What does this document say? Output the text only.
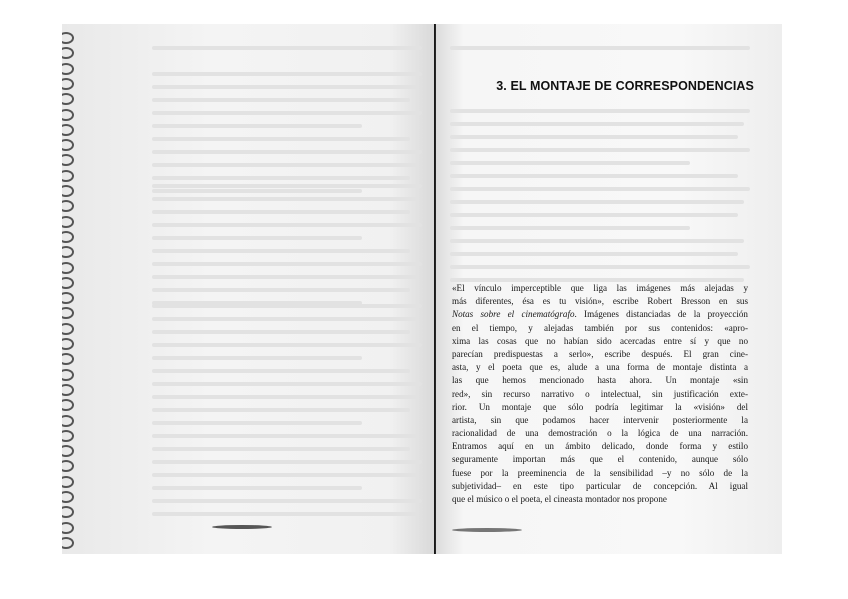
3. EL MONTAJE DE CORRESPONDENCIAS
«El vínculo imperceptible que liga las imágenes más alejadas y
más diferentes, ésa es tu visión», escribe Robert Bresson en sus
Notas sobre el cinematógrafo. Imágenes distanciadas de la proyección
en el tiempo, y alejadas también por sus contenidos: «apro-
xima las cosas que no habían sido acercadas entre sí y que no
parecían predispuestas a serlo», escribe después. El gran cine-
asta, y el poeta que es, alude a una forma de montaje distinta a
las que hemos mencionado hasta ahora. Un montaje «sin
red», sin recurso narrativo o intelectual, sin justificación exte-
rior. Un montaje que sólo podría legitimar la «visión» del
artista, sin que podamos hacer intervenir posteriormente la
racionalidad de una demostración o la lógica de una narración.
Entramos aquí en un ámbito delicado, donde forma y estilo
seguramente importan más que el contenido, aunque sólo
fuese por la preeminencia de la sensibilidad –y no sólo de la
subjetividad– en este tipo particular de concepción. Al igual
que el músico o el poeta, el cineasta montador nos propone
